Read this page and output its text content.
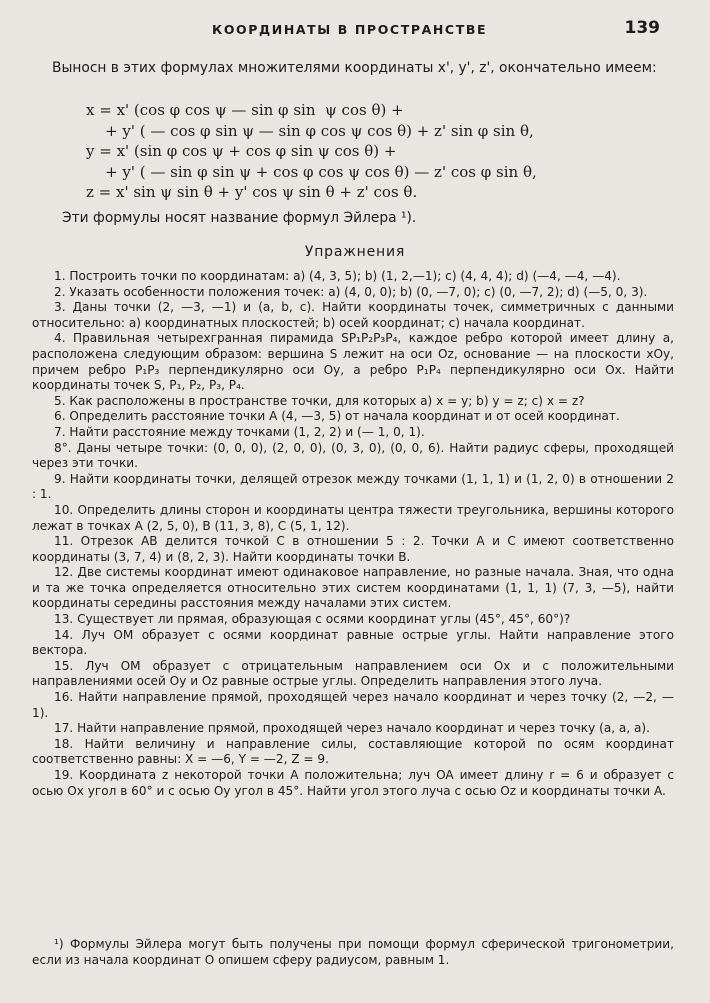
КООРДИНАТЫ В ПРОСТРАНСТВЕ	139

Выносн в этих формулах множителями координаты x', y', z', окончательно имеем:

x = x' (cos φ cos ψ — sin φ sin  ψ cos θ) +
+ y' ( — cos φ sin ψ — sin φ cos ψ cos θ) + z' sin φ sin θ,
y = x' (sin φ cos ψ + cos φ sin ψ cos θ) +
+ y' ( — sin φ sin ψ + cos φ cos ψ cos θ) — z' cos φ sin θ,
z = x' sin ψ sin θ + y' cos ψ sin θ + z' cos θ.

Эти формулы носят название формул Эйлера ¹).

Упражнения

1. Построить точки по координатам: a) (4, 3, 5); b) (1, 2,—1); c) (4, 4, 4); d) (—4, —4, —4).

2. Указать особенности положения точек: a) (4, 0, 0); b) (0, —7, 0); c) (0, —7, 2); d) (—5, 0, 3).

3. Даны точки (2, —3, —1) и (a, b, c). Найти координаты точек, симметричных с данными относительно: a) координатных плоскостей; b) осей координат; c) начала координат.

4. Правильная четырехгранная пирамида SP₁P₂P₃P₄, каждое ребро которой имеет длину a, расположена следующим образом: вершина S лежит на оси Oz, основание — на плоскости xOy, причем ребро P₁P₃ перпендикулярно оси Oy, а ребро P₁P₄ перпендикулярно оси Ox. Найти координаты точек S, P₁, P₂, P₃, P₄.

5. Как расположены в пространстве точки, для которых a) x = y; b) y = z; c) x = z?

6. Определить расстояние точки A (4, —3, 5) от начала координат и от осей координат.

7. Найти расстояние между точками (1, 2, 2) и (— 1, 0, 1).

8°. Даны четыре точки: (0, 0, 0), (2, 0, 0), (0, 3, 0), (0, 0, 6). Найти радиус сферы, проходящей через эти точки.

9. Найти координаты точки, делящей отрезок между точками (1, 1, 1) и (1, 2, 0) в отношении 2 : 1.

10. Определить длины сторон и координаты центра тяжести треугольника, вершины которого лежат в точках A (2, 5, 0), B (11, 3, 8), C (5, 1, 12).

11. Отрезок AB делится точкой C в отношении 5 : 2. Точки A и C имеют соответственно координаты (3, 7, 4) и (8, 2, 3). Найти координаты точки B.

12. Две системы координат имеют одинаковое направление, но разные начала. Зная, что одна и та же точка определяется относительно этих систем координатами (1, 1, 1) (7, 3, —5), найти координаты середины расстояния между началами этих систем.

13. Существует ли прямая, образующая с осями координат углы (45°, 45°, 60°)?

14. Луч OM образует с осями координат равные острые углы. Найти направление этого вектора.

15. Луч OM образует с отрицательным направлением оси Ox и с положительными направлениями осей Oy и Oz равные острые углы. Определить направления этого луча.

16. Найти направление прямой, проходящей через начало координат и через точку (2, —2, —1).

17. Найти направление прямой, проходящей через начало координат и через точку (a, a, a).

18. Найти величину и направление силы, составляющие которой по осям координат соответственно равны: X = —6, Y = —2, Z = 9.

19. Координата z некоторой точки A положительна; луч OA имеет длину r = 6 и образует с осью Ox угол в 60° и с осью Oy угол в 45°. Найти угол этого луча с осью Oz и координаты точки A.

¹) Формулы Эйлера могут быть получены при помощи формул сферической тригонометрии, если из начала координат O опишем сферу радиусом, равным 1.
